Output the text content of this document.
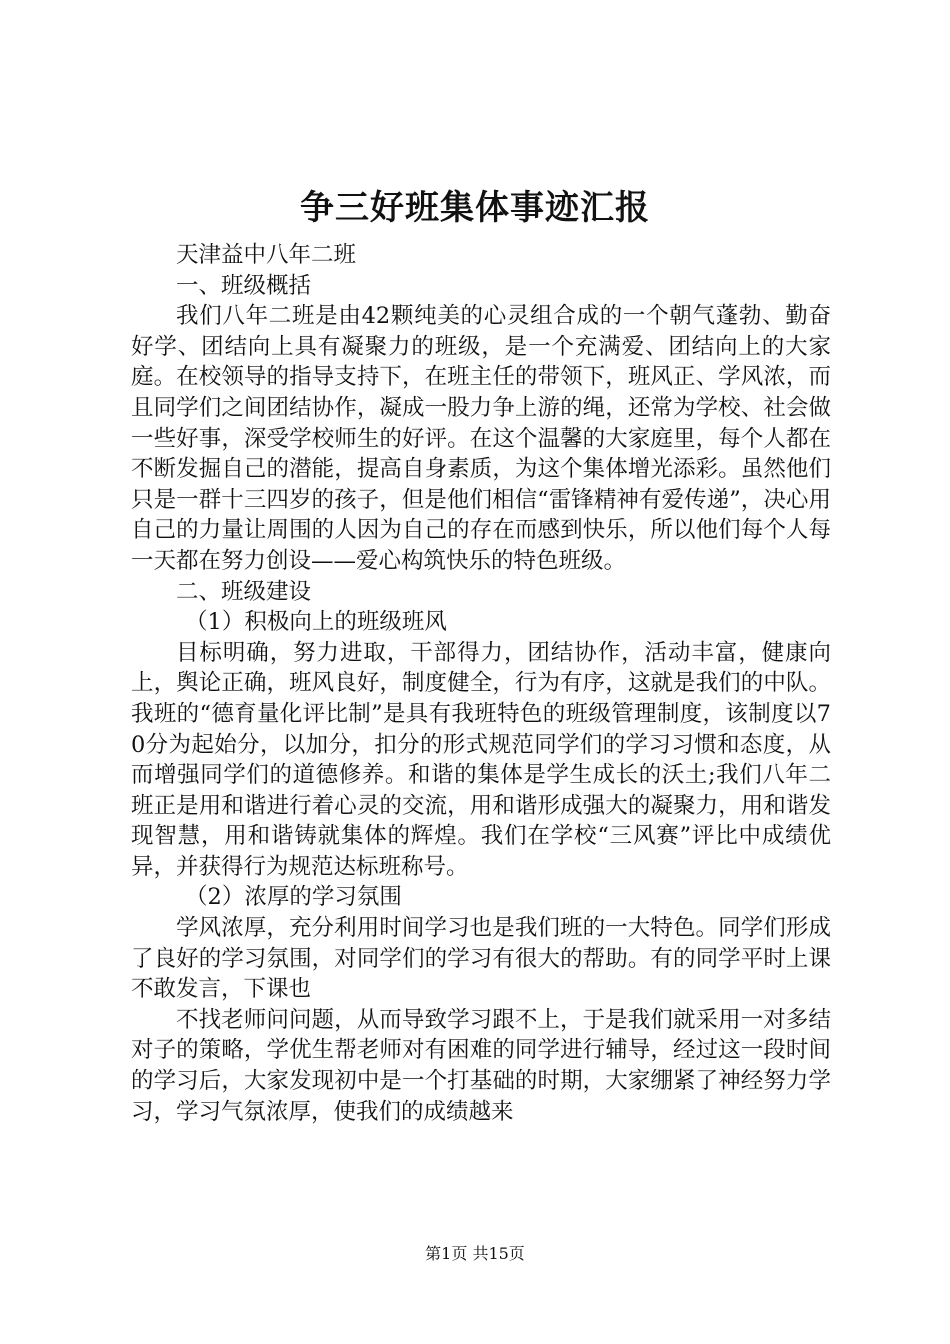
争三好班集体事迹汇报

天津益中八年二班

一、班级概括

我们八年二班是由42颗纯美的心灵组合成的一个朝气蓬勃、勤奋好学、团结向上具有凝聚力的班级，是一个充满爱、团结向上的大家庭。在校领导的指导支持下，在班主任的带领下，班风正、学风浓，而且同学们之间团结协作，凝成一股力争上游的绳，还常为学校、社会做一些好事，深受学校师生的好评。在这个温馨的大家庭里，每个人都在不断发掘自己的潜能，提高自身素质，为这个集体增光添彩。虽然他们只是一群十三四岁的孩子，但是他们相信“雷锋精神有爱传递”，决心用自己的力量让周围的人因为自己的存在而感到快乐，所以他们每个人每一天都在努力创设——爱心构筑快乐的特色班级。

二、班级建设

（1）积极向上的班级班风

目标明确，努力进取，干部得力，团结协作，活动丰富，健康向上，舆论正确，班风良好，制度健全，行为有序，这就是我们的中队。我班的“德育量化评比制”是具有我班特色的班级管理制度，该制度以70分为起始分，以加分，扣分的形式规范同学们的学习习惯和态度，从而增强同学们的道德修养。和谐的集体是学生成长的沃土;我们八年二班正是用和谐进行着心灵的交流，用和谐形成强大的凝聚力，用和谐发现智慧，用和谐铸就集体的辉煌。我们在学校“三风赛”评比中成绩优异，并获得行为规范达标班称号。

（2）浓厚的学习氛围

学风浓厚，充分利用时间学习也是我们班的一大特色。同学们形成了良好的学习氛围，对同学们的学习有很大的帮助。有的同学平时上课不敢发言，下课也

不找老师问问题，从而导致学习跟不上，于是我们就采用一对多结对子的策略，学优生帮老师对有困难的同学进行辅导，经过这一段时间的学习后，大家发现初中是一个打基础的时期，大家绷紧了神经努力学习，学习气氛浓厚，使我们的成绩越来

第1页 共15页
